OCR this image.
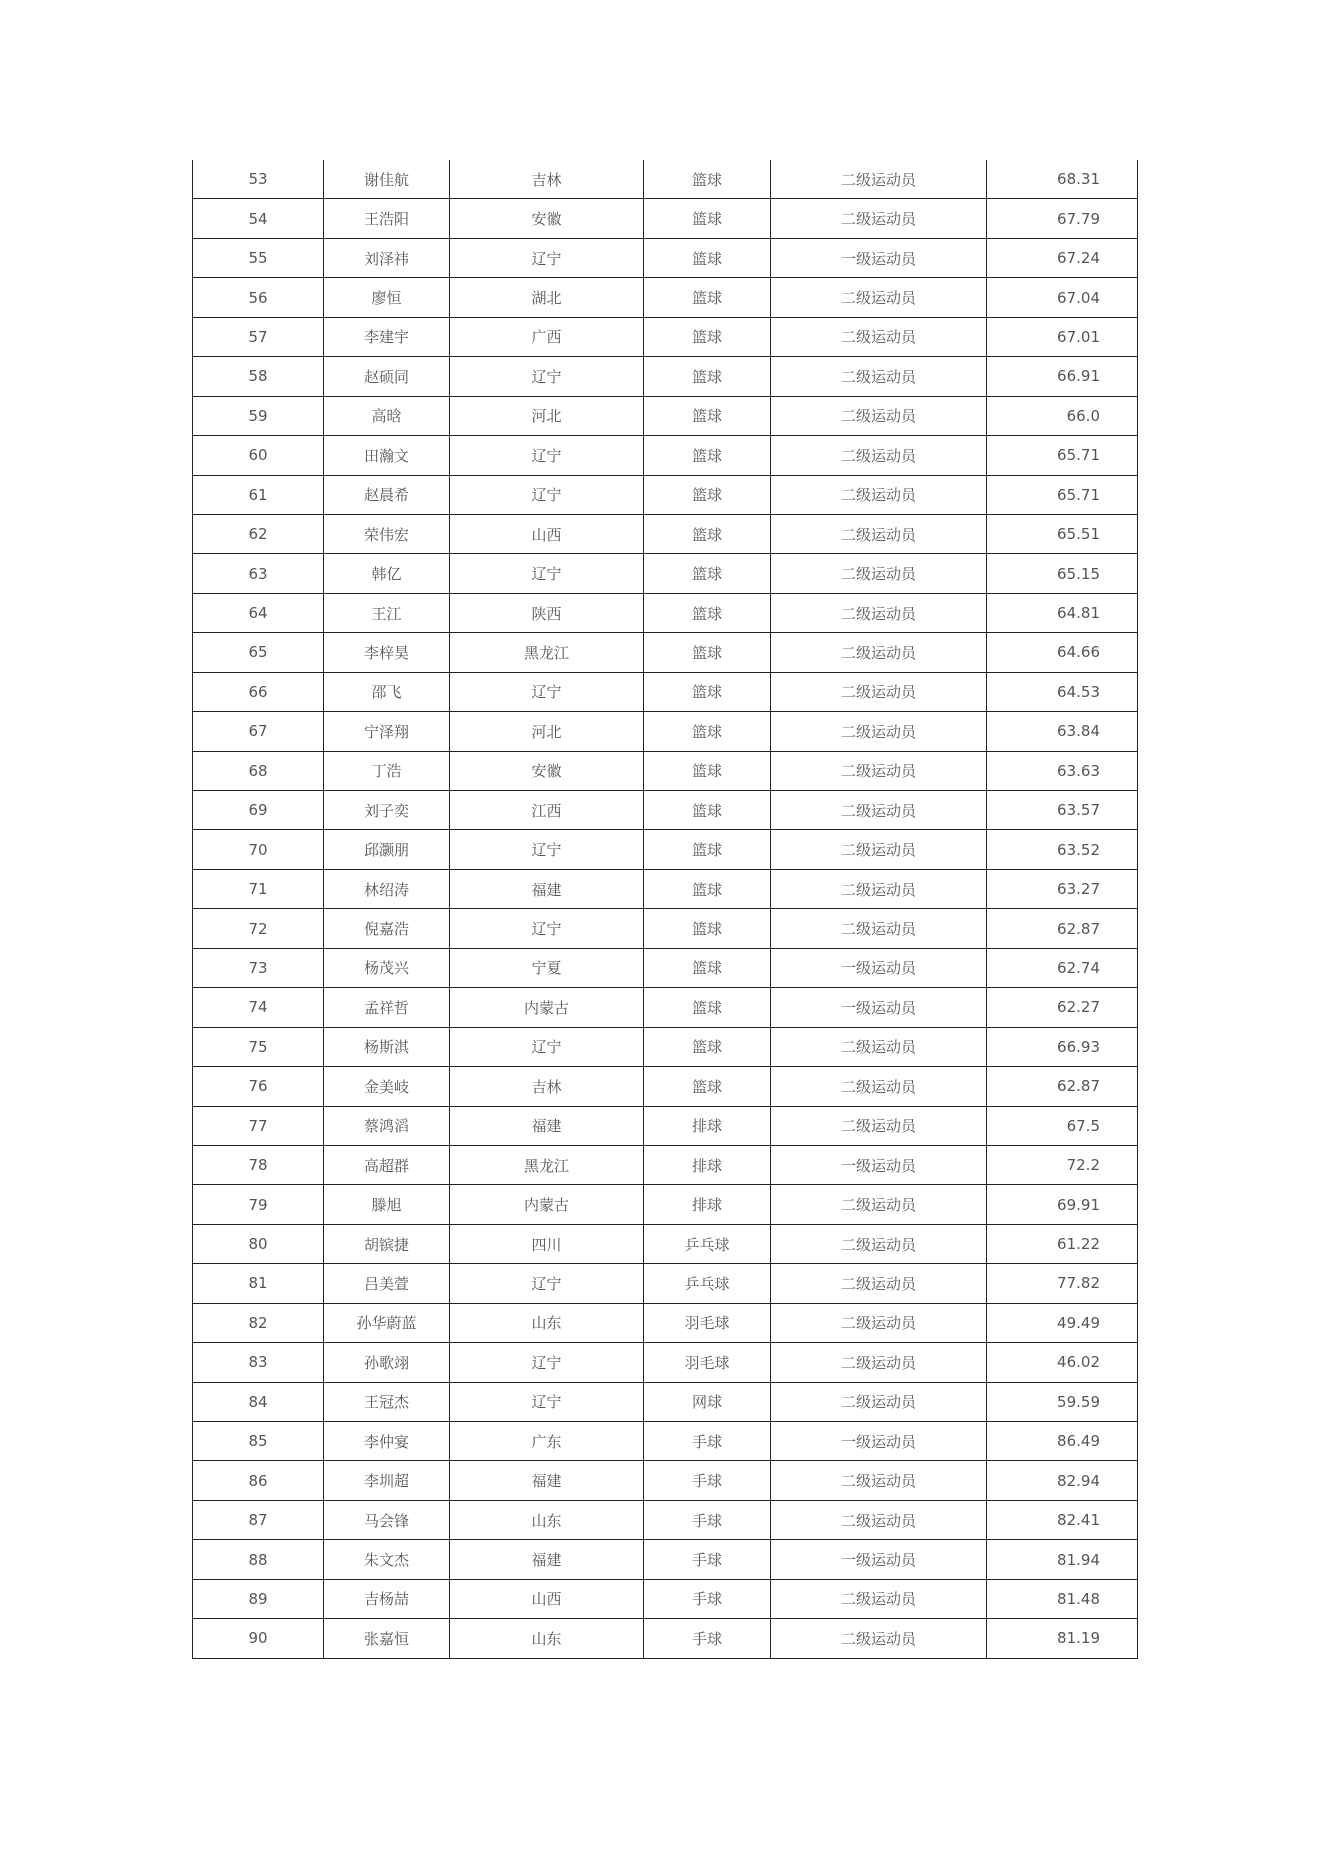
53	谢佳航	吉林	篮球	二级运动员	68.31
54	王浩阳	安徽	篮球	二级运动员	67.79
55	刘泽祎	辽宁	篮球	一级运动员	67.24
56	廖恒	湖北	篮球	二级运动员	67.04
57	李建宇	广西	篮球	二级运动员	67.01
58	赵硕同	辽宁	篮球	二级运动员	66.91
59	高晗	河北	篮球	二级运动员	66.0
60	田瀚文	辽宁	篮球	二级运动员	65.71
61	赵晨希	辽宁	篮球	二级运动员	65.71
62	荣伟宏	山西	篮球	二级运动员	65.51
63	韩亿	辽宁	篮球	二级运动员	65.15
64	王江	陕西	篮球	二级运动员	64.81
65	李梓昊	黑龙江	篮球	二级运动员	64.66
66	邵飞	辽宁	篮球	二级运动员	64.53
67	宁泽翔	河北	篮球	二级运动员	63.84
68	丁浩	安徽	篮球	二级运动员	63.63
69	刘子奕	江西	篮球	二级运动员	63.57
70	邱灏朋	辽宁	篮球	二级运动员	63.52
71	林绍涛	福建	篮球	二级运动员	63.27
72	倪嘉浩	辽宁	篮球	二级运动员	62.87
73	杨茂兴	宁夏	篮球	一级运动员	62.74
74	孟祥哲	内蒙古	篮球	一级运动员	62.27
75	杨斯淇	辽宁	篮球	二级运动员	66.93
76	金美岐	吉林	篮球	二级运动员	62.87
77	蔡鸿滔	福建	排球	二级运动员	67.5
78	高超群	黑龙江	排球	一级运动员	72.2
79	滕旭	内蒙古	排球	二级运动员	69.91
80	胡镔捷	四川	乒乓球	二级运动员	61.22
81	吕美萱	辽宁	乒乓球	二级运动员	77.82
82	孙华蔚蓝	山东	羽毛球	二级运动员	49.49
83	孙歌翊	辽宁	羽毛球	二级运动员	46.02
84	王冠杰	辽宁	网球	二级运动员	59.59
85	李仲宴	广东	手球	一级运动员	86.49
86	李圳超	福建	手球	二级运动员	82.94
87	马会锋	山东	手球	二级运动员	82.41
88	朱文杰	福建	手球	一级运动员	81.94
89	吉杨喆	山西	手球	二级运动员	81.48
90	张嘉恒	山东	手球	二级运动员	81.19
